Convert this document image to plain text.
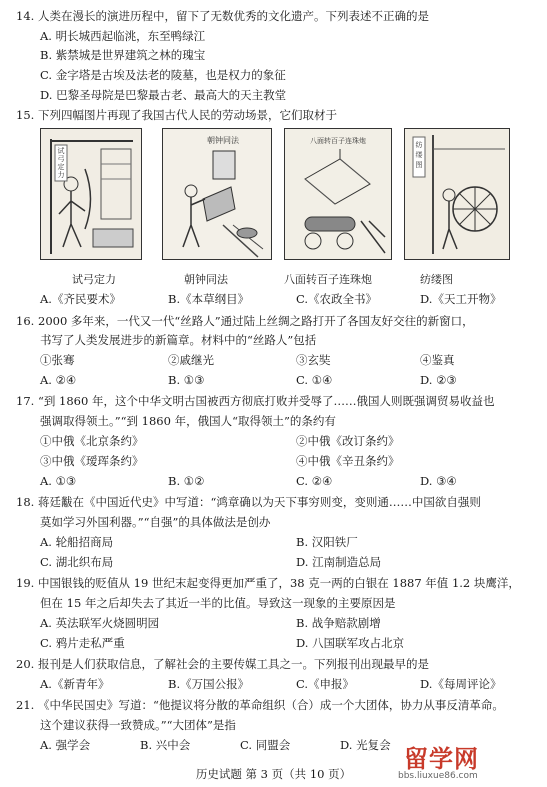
14. 人类在漫长的演进历程中，留下了无数优秀的文化遗产。下列表述不正确的是
A. 明长城西起临洮，东至鸭绿江
B. 紫禁城是世界建筑之林的瑰宝
C. 金字塔是古埃及法老的陵墓，也是权力的象征
D. 巴黎圣母院是巴黎最古老、最高大的天主教堂
15. 下列四幅图片再现了我国古代人民的劳动场景，它们取材于
试
弓
定
力
朝钟同法	八面转百子连珠炮	纺
缕
图
试弓定力	朝钟同法	八面转百子连珠炮	纺缕图
A.《齐民要术》	B.《本草纲目》	C.《农政全书》	D.《天工开物》
16. 2000 多年来，一代又一代“丝路人”通过陆上丝绸之路打开了各国友好交往的新窗口，
书写了人类发展进步的新篇章。材料中的“丝路人”包括
①张骞	②戚继光	③玄奘	④鉴真
A. ②④	B. ①③	C. ①④	D. ②③
17. “到 1860 年，这个中华文明古国被西方彻底打败并受辱了……俄国人则既强调贸易收益也
强调取得领土。”“到 1860 年，俄国人“取得领土”的条约有
①中俄《北京条约》	②中俄《改订条约》
③中俄《瑷珲条约》	④中俄《辛丑条约》
A. ①③	B. ①②	C. ②④	D. ③④
18. 蒋廷黻在《中国近代史》中写道：“鸿章确以为天下事穷则变，变则通……中国欲自强则
莫如学习外国利器。”“自强”的具体做法是创办
A. 轮船招商局	B. 汉阳铁厂
C. 湖北织布局	D. 江南制造总局
19. 中国银钱的贬值从 19 世纪末起变得更加严重了，38 克一两的白银在 1887 年值 1.2 块鹰洋，
但在 15 年之后却失去了其近一半的比值。导致这一现象的主要原因是
A. 英法联军火烧圆明园	B. 战争赔款剧增
C. 鸦片走私严重	D. 八国联军攻占北京
20. 报刊是人们获取信息，了解社会的主要传媒工具之一。下列报刊出现最早的是
A.《新青年》	B.《万国公报》	C.《申报》	D.《每周评论》
21. 《中华民国史》写道：“他提议将分散的革命组织（合）成一个大团体，协力从事反清革命。
这个建议获得一致赞成。”“大团体”是指
A. 强学会	B. 兴中会	C. 同盟会	D. 光复会 留学网
bbs.liuxue86.com
历史试题 第 3 页（共 10 页）
